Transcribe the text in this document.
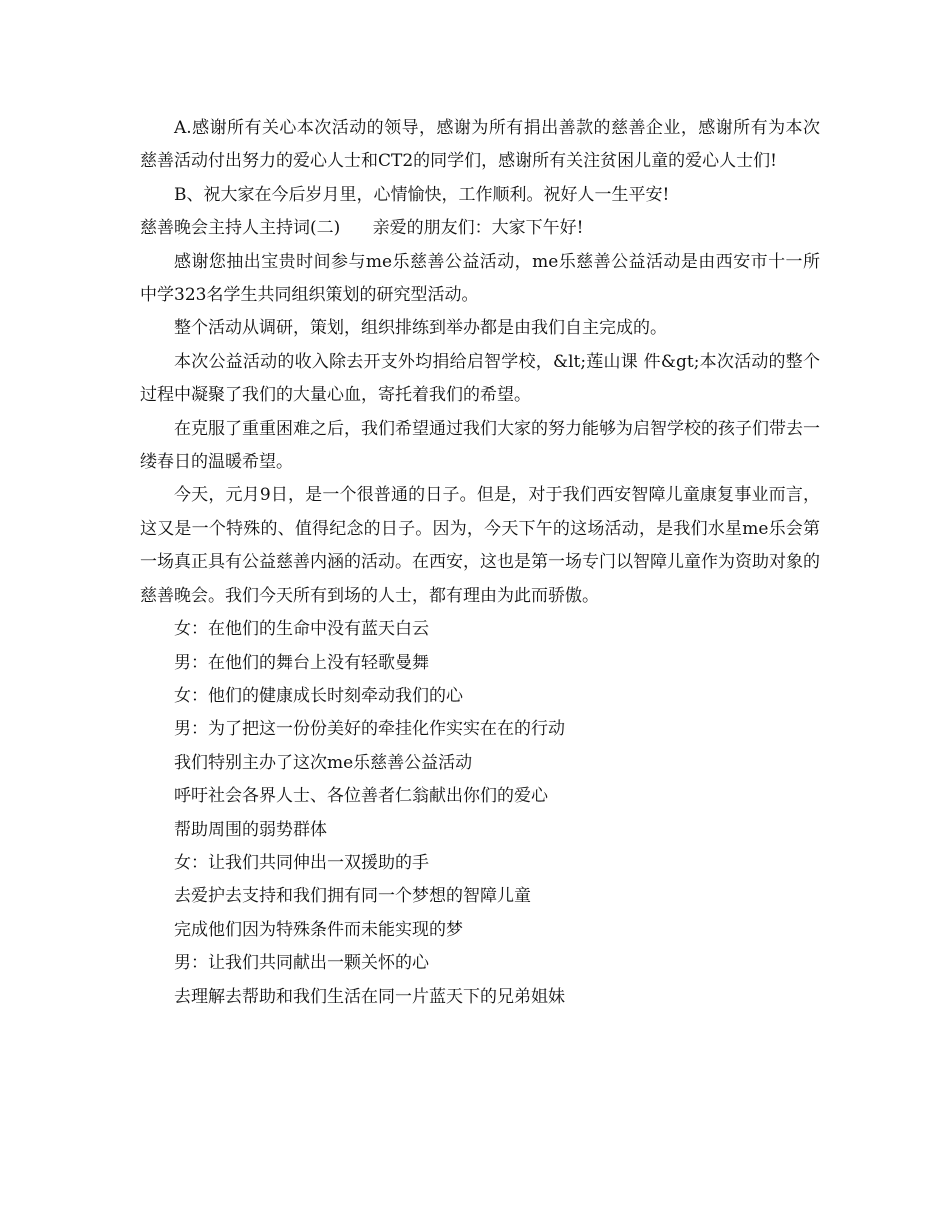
A.感谢所有关心本次活动的领导，感谢为所有捐出善款的慈善企业，感谢所有为本次慈善活动付出努力的爱心人士和CT2的同学们，感谢所有关注贫困儿童的爱心人士们!

B、祝大家在今后岁月里，心情愉快，工作顺利。祝好人一生平安!

慈善晚会主持人主持词(二)      亲爱的朋友们：大家下午好!

感谢您抽出宝贵时间参与me乐慈善公益活动，me乐慈善公益活动是由西安市十一所中学323名学生共同组织策划的研究型活动。

整个活动从调研，策划，组织排练到举办都是由我们自主完成的。

本次公益活动的收入除去开支外均捐给启智学校，&lt;莲山课 件&gt;本次活动的整个过程中凝聚了我们的大量心血，寄托着我们的希望。

在克服了重重困难之后，我们希望通过我们大家的努力能够为启智学校的孩子们带去一缕春日的温暖希望。

今天，元月9日，是一个很普通的日子。但是，对于我们西安智障儿童康复事业而言，这又是一个特殊的、值得纪念的日子。因为，今天下午的这场活动，是我们水星me乐会第一场真正具有公益慈善内涵的活动。在西安，这也是第一场专门以智障儿童作为资助对象的慈善晚会。我们今天所有到场的人士，都有理由为此而骄傲。

女：在他们的生命中没有蓝天白云

男：在他们的舞台上没有轻歌曼舞

女：他们的健康成长时刻牵动我们的心

男：为了把这一份份美好的牵挂化作实实在在的行动

我们特别主办了这次me乐慈善公益活动

呼吁社会各界人士、各位善者仁翁献出你们的爱心

帮助周围的弱势群体

女：让我们共同伸出一双援助的手

去爱护去支持和我们拥有同一个梦想的智障儿童

完成他们因为特殊条件而未能实现的梦

男：让我们共同献出一颗关怀的心

去理解去帮助和我们生活在同一片蓝天下的兄弟姐妹
